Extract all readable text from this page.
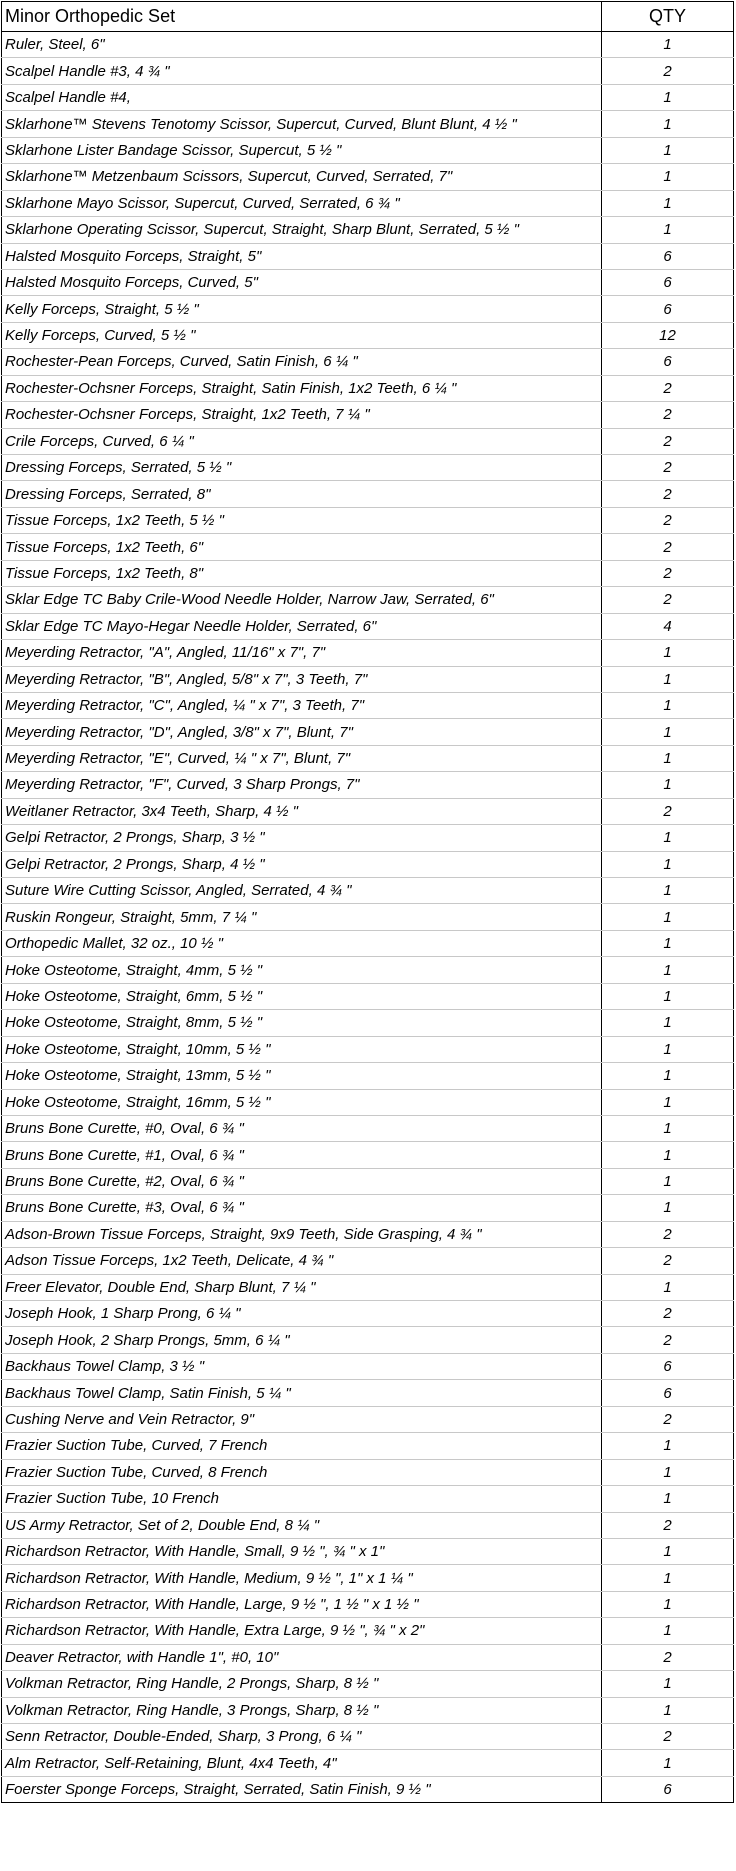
Minor Orthopedic Set	QTY
Ruler, Steel, 6"	1
Scalpel Handle #3, 4 ¾ "	2
Scalpel Handle #4,	1
Sklarhone™ Stevens Tenotomy Scissor, Supercut, Curved, Blunt Blunt, 4 ½ "	1
Sklarhone Lister Bandage Scissor, Supercut, 5 ½ "	1
Sklarhone™ Metzenbaum Scissors, Supercut, Curved, Serrated, 7"	1
Sklarhone Mayo Scissor, Supercut, Curved, Serrated, 6 ¾ "	1
Sklarhone Operating Scissor, Supercut, Straight, Sharp Blunt, Serrated, 5 ½ "	1
Halsted Mosquito Forceps, Straight, 5"	6
Halsted Mosquito Forceps, Curved, 5"	6
Kelly Forceps, Straight, 5 ½ "	6
Kelly Forceps, Curved, 5 ½ "	12
Rochester-Pean Forceps, Curved, Satin Finish, 6 ¼ "	6
Rochester-Ochsner Forceps, Straight, Satin Finish, 1x2 Teeth, 6 ¼ "	2
Rochester-Ochsner Forceps, Straight, 1x2 Teeth, 7 ¼ "	2
Crile Forceps, Curved, 6 ¼ "	2
Dressing Forceps, Serrated, 5 ½ "	2
Dressing Forceps, Serrated, 8"	2
Tissue Forceps, 1x2 Teeth, 5 ½ "	2
Tissue Forceps, 1x2 Teeth, 6"	2
Tissue Forceps, 1x2 Teeth, 8"	2
Sklar Edge TC Baby Crile-Wood Needle Holder, Narrow Jaw, Serrated, 6"	2
Sklar Edge TC Mayo-Hegar Needle Holder, Serrated, 6"	4
Meyerding Retractor, "A", Angled, 11/16" x 7", 7"	1
Meyerding Retractor, "B", Angled, 5/8" x 7", 3 Teeth, 7"	1
Meyerding Retractor, "C", Angled, ¼ " x 7", 3 Teeth, 7"	1
Meyerding Retractor, "D", Angled, 3/8" x 7", Blunt, 7"	1
Meyerding Retractor, "E", Curved, ¼ " x 7", Blunt, 7"	1
Meyerding Retractor, "F", Curved, 3 Sharp Prongs, 7"	1
Weitlaner Retractor, 3x4 Teeth, Sharp, 4 ½ "	2
Gelpi Retractor, 2 Prongs, Sharp, 3 ½ "	1
Gelpi Retractor, 2 Prongs, Sharp, 4 ½ "	1
Suture Wire Cutting Scissor, Angled, Serrated, 4 ¾ "	1
Ruskin Rongeur, Straight, 5mm, 7 ¼ "	1
Orthopedic Mallet, 32 oz., 10 ½ "	1
Hoke Osteotome, Straight, 4mm, 5 ½ "	1
Hoke Osteotome, Straight, 6mm, 5 ½ "	1
Hoke Osteotome, Straight, 8mm, 5 ½ "	1
Hoke Osteotome, Straight, 10mm, 5 ½ "	1
Hoke Osteotome, Straight, 13mm, 5 ½ "	1
Hoke Osteotome, Straight, 16mm, 5 ½ "	1
Bruns Bone Curette, #0, Oval, 6 ¾ "	1
Bruns Bone Curette, #1, Oval, 6 ¾ "	1
Bruns Bone Curette, #2, Oval, 6 ¾ "	1
Bruns Bone Curette, #3, Oval, 6 ¾ "	1
Adson-Brown Tissue Forceps, Straight, 9x9 Teeth, Side Grasping, 4 ¾ "	2
Adson Tissue Forceps, 1x2 Teeth, Delicate, 4 ¾ "	2
Freer Elevator, Double End, Sharp Blunt, 7 ¼ "	1
Joseph Hook, 1 Sharp Prong, 6 ¼ "	2
Joseph Hook, 2 Sharp Prongs, 5mm, 6 ¼ "	2
Backhaus Towel Clamp, 3 ½ "	6
Backhaus Towel Clamp, Satin Finish, 5 ¼ "	6
Cushing Nerve and Vein Retractor, 9"	2
Frazier Suction Tube, Curved, 7 French	1
Frazier Suction Tube, Curved, 8 French	1
Frazier Suction Tube, 10 French	1
US Army Retractor, Set of 2, Double End, 8 ¼ "	2
Richardson Retractor, With Handle, Small, 9 ½ ", ¾ " x 1"	1
Richardson Retractor, With Handle, Medium, 9 ½ ", 1" x 1 ¼ "	1
Richardson Retractor, With Handle, Large, 9 ½ ", 1 ½ " x 1 ½ "	1
Richardson Retractor, With Handle, Extra Large, 9 ½ ", ¾ " x 2"	1
Deaver Retractor, with Handle 1", #0, 10"	2
Volkman Retractor, Ring Handle, 2 Prongs, Sharp, 8 ½ "	1
Volkman Retractor, Ring Handle, 3 Prongs, Sharp, 8 ½ "	1
Senn Retractor, Double-Ended, Sharp, 3 Prong, 6 ¼ "	2
Alm Retractor, Self-Retaining, Blunt, 4x4 Teeth, 4"	1
Foerster Sponge Forceps, Straight, Serrated, Satin Finish, 9 ½ "	6
